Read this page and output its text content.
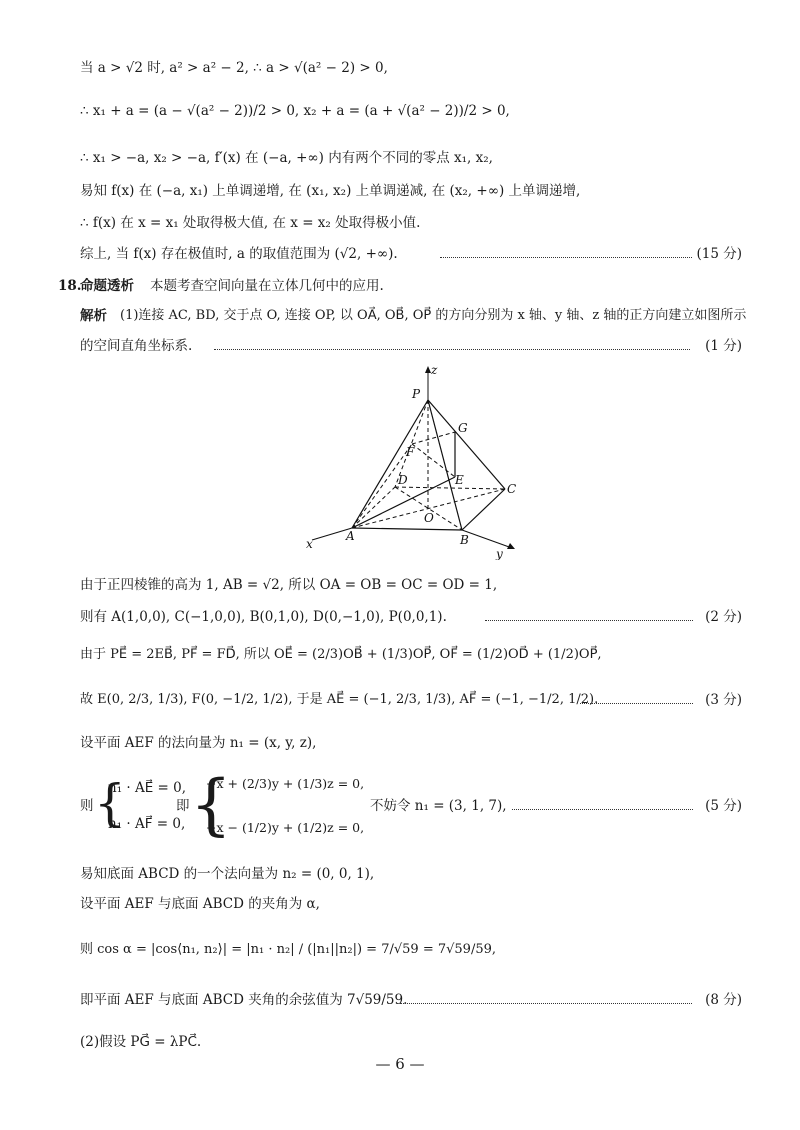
当 a > √2 时, a² > a² − 2, ∴ a > √(a² − 2) > 0,
∴ x₁ + a = (a − √(a² − 2))/2 > 0, x₂ + a = (a + √(a² − 2))/2 > 0,
∴ x₁ > −a, x₂ > −a, f′(x) 在 (−a, +∞) 内有两个不同的零点 x₁, x₂,
易知 f(x) 在 (−a, x₁) 上单调递增, 在 (x₁, x₂) 上单调递减, 在 (x₂, +∞) 上单调递增,
∴ f(x) 在 x = x₁ 处取得极大值, 在 x = x₂ 处取得极小值.
综上, 当 f(x) 存在极值时, a 的取值范围为 (√2, +∞).	(15 分)
18.
命题透析 本题考查空间向量在立体几何中的应用.
解析 (1)连接 AC, BD, 交于点 O, 连接 OP, 以 OA⃗, OB⃗, OP⃗ 的方向分别为 x 轴、y 轴、z 轴的正方向建立如图所示
的空间直角坐标系.	(1 分)
z
P
G
F
D	E
C
O
A	B
x
y
由于正四棱锥的高为 1, AB = √2, 所以 OA = OB = OC = OD = 1,
则有 A(1,0,0), C(−1,0,0), B(0,1,0), D(0,−1,0), P(0,0,1).	(2 分)
由于 PE⃗ = 2EB⃗, PF⃗ = FD⃗, 所以 OE⃗ = (2/3)OB⃗ + (1/3)OP⃗, OF⃗ = (1/2)OD⃗ + (1/2)OP⃗,
故 E(0, 2/3, 1/3), F(0, −1/2, 1/2), 于是 AE⃗ = (−1, 2/3, 1/3), AF⃗ = (−1, −1/2, 1/2).	(3 分)
设平面 AEF 的法向量为 n₁ = (x, y, z),
则 {
n₁ · AE⃗ = 0,
n₁ · AF⃗ = 0,
即 {
−x + (2/3)y + (1/3)z = 0,
−x − (1/2)y + (1/2)z = 0,
不妨令 n₁ = (3, 1, 7),	(5 分)
易知底面 ABCD 的一个法向量为 n₂ = (0, 0, 1),
设平面 AEF 与底面 ABCD 的夹角为 α,
则 cos α = |cos⟨n₁, n₂⟩| = |n₁ · n₂| / (|n₁||n₂|) = 7/√59 = 7√59/59,
即平面 AEF 与底面 ABCD 夹角的余弦值为 7√59/59.	(8 分)
(2)假设 PG⃗ = λPC⃗.
— 6 —
